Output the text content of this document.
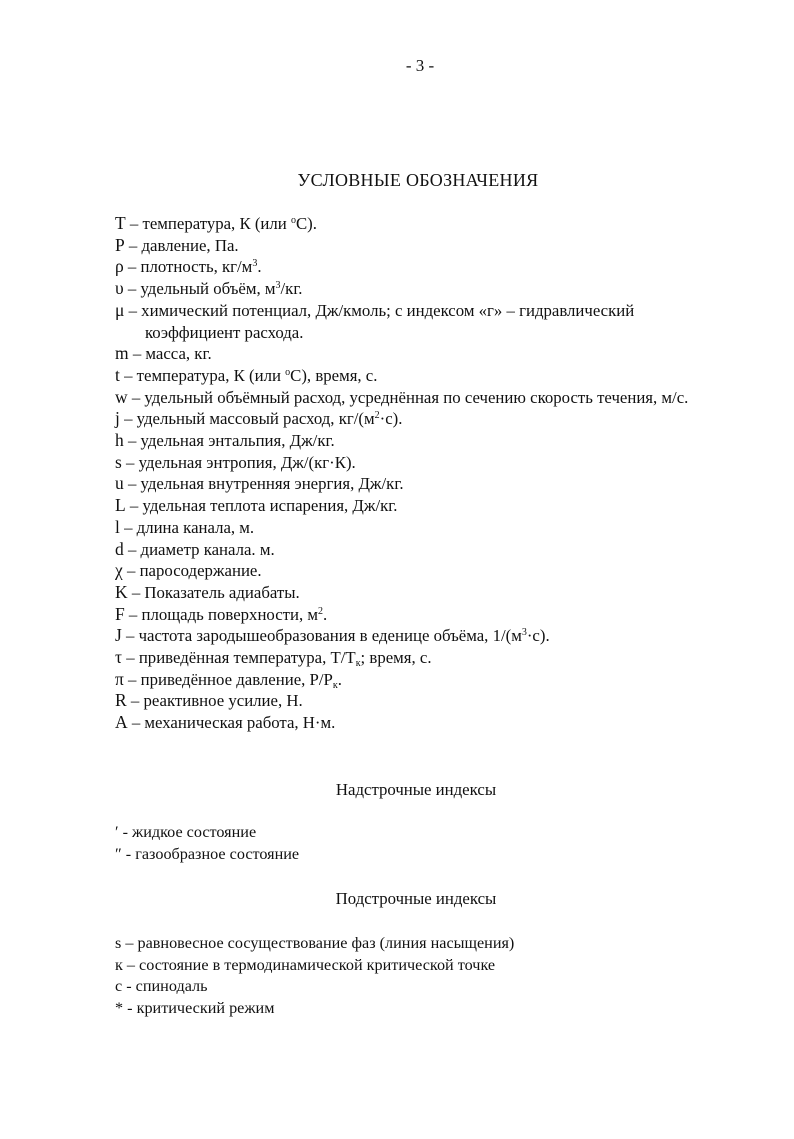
- 3 -
УСЛОВНЫЕ ОБОЗНАЧЕНИЯ
T – температура, К (или $^o$С).
P – давление, Па.
ρ – плотность, $кг/м^3$.
υ – удельный объём, $м^3/кг$.
μ – химический потенциал, Дж/кмоль; с индексом «г» – гидравлический коэффициент расхода.
m – масса, кг.
t – температура, К (или $^o$С), время, с.
w – удельный объёмный расход, усреднённая по сечению скорость течения, м/с.
j – удельный массовый расход, $кг/(м^2\cdot с)$.
h – удельная энтальпия, Дж/кг.
s – удельная энтропия, Дж/(кг·К).
u – удельная внутренняя энергия, Дж/кг.
L – удельная теплота испарения, Дж/кг.
l – длина канала, м.
d – диаметр канала. м.
χ – паросодержание.
K – Показатель адиабаты.
F – площадь поверхности, $м^2$.
J – частота зародышеобразования в еденице объёма, $1/(м^3\cdot с)$.
τ – приведённая температура, $Т/Т_к$; время, с.
π – приведённое давление, $Р/Р_к$.
R – реактивное усилие, Н.
A – механическая работа, Н·м.
Надстрочные индексы
′ - жидкое состояние
″ - газообразное состояние
Подстрочные индексы
s – равновесное сосуществование фаз (линия насыщения)
к – состояние в термодинамической критической точке
c - спинодаль
* - критический режим
